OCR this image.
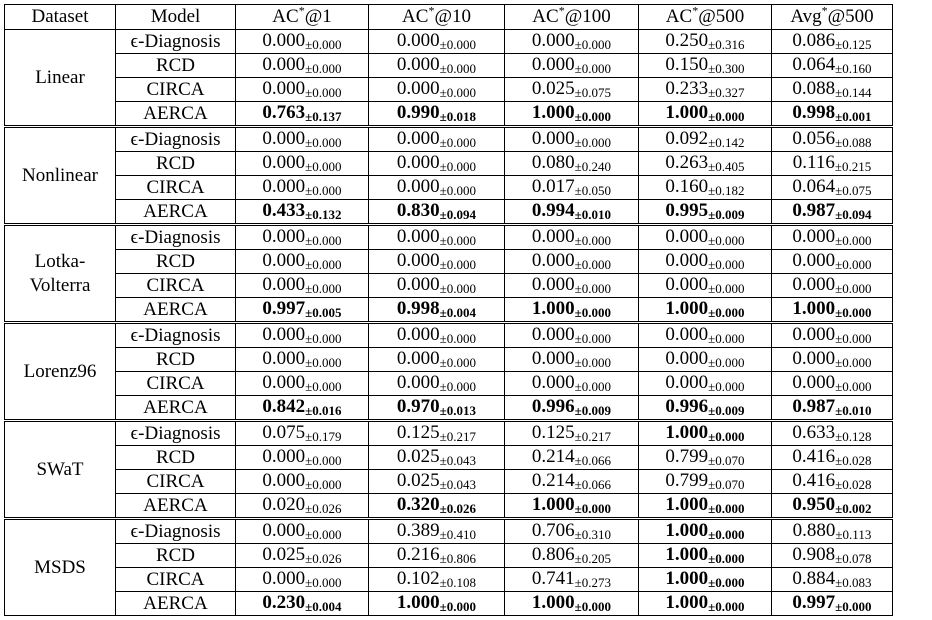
Dataset	Model	AC*@1	AC*@10	AC*@100	AC*@500	Avg*@500
Linear	ϵ-Diagnosis	0.000±0.000	0.000±0.000	0.000±0.000	0.250±0.316	0.086±0.125
	RCD	0.000±0.000	0.000±0.000	0.000±0.000	0.150±0.300	0.064±0.160
	CIRCA	0.000±0.000	0.000±0.000	0.025±0.075	0.233±0.327	0.088±0.144
	AERCA	0.763±0.137	0.990±0.018	1.000±0.000	1.000±0.000	0.998±0.001
Nonlinear	ϵ-Diagnosis	0.000±0.000	0.000±0.000	0.000±0.000	0.092±0.142	0.056±0.088
	RCD	0.000±0.000	0.000±0.000	0.080±0.240	0.263±0.405	0.116±0.215
	CIRCA	0.000±0.000	0.000±0.000	0.017±0.050	0.160±0.182	0.064±0.075
	AERCA	0.433±0.132	0.830±0.094	0.994±0.010	0.995±0.009	0.987±0.094

Lotka-
Volterra	ϵ-Diagnosis	0.000±0.000	0.000±0.000	0.000±0.000	0.000±0.000	0.000±0.000
	RCD	0.000±0.000	0.000±0.000	0.000±0.000	0.000±0.000	0.000±0.000
	CIRCA	0.000±0.000	0.000±0.000	0.000±0.000	0.000±0.000	0.000±0.000
	AERCA	0.997±0.005	0.998±0.004	1.000±0.000	1.000±0.000	1.000±0.000
Lorenz96	ϵ-Diagnosis	0.000±0.000	0.000±0.000	0.000±0.000	0.000±0.000	0.000±0.000
	RCD	0.000±0.000	0.000±0.000	0.000±0.000	0.000±0.000	0.000±0.000
	CIRCA	0.000±0.000	0.000±0.000	0.000±0.000	0.000±0.000	0.000±0.000
	AERCA	0.842±0.016	0.970±0.013	0.996±0.009	0.996±0.009	0.987±0.010
SWaT	ϵ-Diagnosis	0.075±0.179	0.125±0.217	0.125±0.217	1.000±0.000	0.633±0.128
	RCD	0.000±0.000	0.025±0.043	0.214±0.066	0.799±0.070	0.416±0.028
	CIRCA	0.000±0.000	0.025±0.043	0.214±0.066	0.799±0.070	0.416±0.028
	AERCA	0.020±0.026	0.320±0.026	1.000±0.000	1.000±0.000	0.950±0.002
MSDS	ϵ-Diagnosis	0.000±0.000	0.389±0.410	0.706±0.310	1.000±0.000	0.880±0.113
	RCD	0.025±0.026	0.216±0.806	0.806±0.205	1.000±0.000	0.908±0.078
	CIRCA	0.000±0.000	0.102±0.108	0.741±0.273	1.000±0.000	0.884±0.083
	AERCA	0.230±0.004	1.000±0.000	1.000±0.000	1.000±0.000	0.997±0.000
